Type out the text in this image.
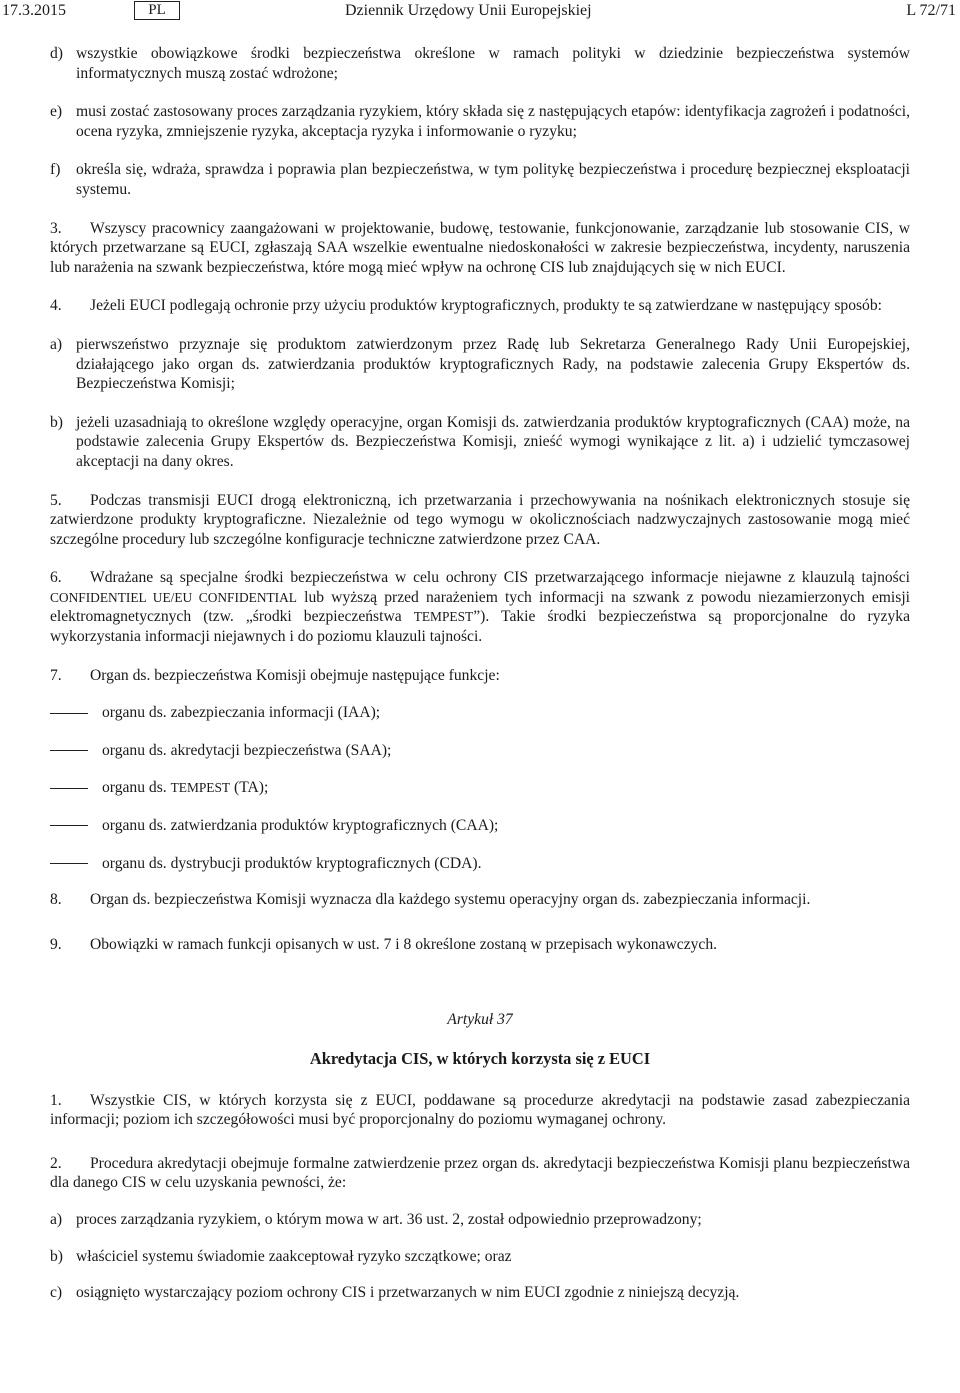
17.3.2015	PL	Dziennik Urzędowy Unii Europejskiej	L 72/71
d) wszystkie obowiązkowe środki bezpieczeństwa określone w ramach polityki w dziedzinie bezpieczeństwa systemów informatycznych muszą zostać wdrożone;
e) musi zostać zastosowany proces zarządzania ryzykiem, który składa się z następujących etapów: identyfikacja zagrożeń i podatności, ocena ryzyka, zmniejszenie ryzyka, akceptacja ryzyka i informowanie o ryzyku;
f)	określa się, wdraża, sprawdza i poprawia plan bezpieczeństwa, w tym politykę bezpieczeństwa i procedurę bezpiecznej eksploatacji systemu.

3. Wszyscy pracownicy zaangażowani w projektowanie, budowę, testowanie, funkcjonowanie, zarządzanie lub stosowanie CIS, w których przetwarzane są EUCI, zgłaszają SAA wszelkie ewentualne niedoskonałości w zakresie bezpieczeństwa, incydenty, naruszenia lub narażenia na szwank bezpieczeństwa, które mogą mieć wpływ na ochronę CIS lub znajdujących się w nich EUCI.

4. Jeżeli EUCI podlegają ochronie przy użyciu produktów kryptograficznych, produkty te są zatwierdzane w następujący sposób:

a) pierwszeństwo przyznaje się produktom zatwierdzonym przez Radę lub Sekretarza Generalnego Rady Unii Europejskiej, działającego jako organ ds. zatwierdzania produktów kryptograficznych Rady, na podstawie zalecenia Grupy Ekspertów ds. Bezpieczeństwa Komisji;
b) jeżeli uzasadniają to określone względy operacyjne, organ Komisji ds. zatwierdzania produktów kryptograficznych (CAA) może, na podstawie zalecenia Grupy Ekspertów ds. Bezpieczeństwa Komisji, znieść wymogi wynikające z lit. a) i udzielić tymczasowej akceptacji na dany okres.

5. Podczas transmisji EUCI drogą elektroniczną, ich przetwarzania i przechowywania na nośnikach elektronicznych stosuje się zatwierdzone produkty kryptograficzne. Niezależnie od tego wymogu w okolicznościach nadzwyczajnych zastosowanie mogą mieć szczególne procedury lub szczególne konfiguracje techniczne zatwierdzone przez CAA.

6. Wdrażane są specjalne środki bezpieczeństwa w celu ochrony CIS przetwarzającego informacje niejawne z klauzulą tajności CONFIDENTIEL UE/EU CONFIDENTIAL lub wyższą przed narażeniem tych informacji na szwank z powodu niezamierzonych emisji elektromagnetycznych (tzw. „środki bezpieczeństwa TEMPEST”). Takie środki bezpieczeństwa są proporcjonalne do ryzyka wykorzystania informacji niejawnych i do poziomu klauzuli tajności.

7. Organ ds. bezpieczeństwa Komisji obejmuje następujące funkcje:

organu ds. zabezpieczania informacji (IAA);
organu ds. akredytacji bezpieczeństwa (SAA);
organu ds. TEMPEST (TA);
organu ds. zatwierdzania produktów kryptograficznych (CAA);
organu ds. dystrybucji produktów kryptograficznych (CDA).

8. Organ ds. bezpieczeństwa Komisji wyznacza dla każdego systemu operacyjny organ ds. zabezpieczania informacji.

9. Obowiązki w ramach funkcji opisanych w ust. 7 i 8 określone zostaną w przepisach wykonawczych.

Artykuł 37

Akredytacja CIS, w których korzysta się z EUCI

1. Wszystkie CIS, w których korzysta się z EUCI, poddawane są procedurze akredytacji na podstawie zasad zabezpieczania informacji; poziom ich szczegółowości musi być proporcjonalny do poziomu wymaganej ochrony.

2. Procedura akredytacji obejmuje formalne zatwierdzenie przez organ ds. akredytacji bezpieczeństwa Komisji planu bezpieczeństwa dla danego CIS w celu uzyskania pewności, że:

a) proces zarządzania ryzykiem, o którym mowa w art. 36 ust. 2, został odpowiednio przeprowadzony;
b) właściciel systemu świadomie zaakceptował ryzyko szczątkowe; oraz
c) osiągnięto wystarczający poziom ochrony CIS i przetwarzanych w nim EUCI zgodnie z niniejszą decyzją.
